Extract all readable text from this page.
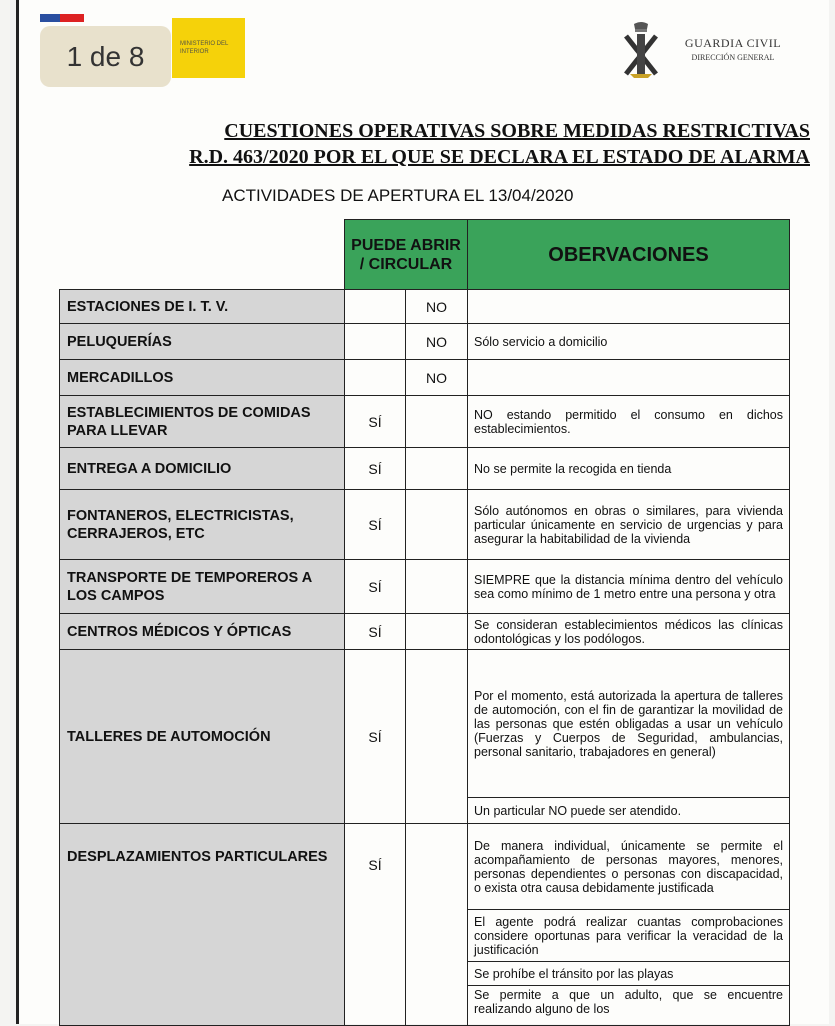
1 de 8	MINISTERIO DEL INTERIOR
GUARDIA CIVIL
DIRECCIÓN GENERAL
CUESTIONES OPERATIVAS SOBRE MEDIDAS RESTRICTIVAS
R.D. 463/2020 POR EL QUE SE DECLARA EL ESTADO DE ALARMA
ACTIVIDADES DE APERTURA EL 13/04/2020

	PUEDE ABRIR / CIRCULAR		OBERVACIONES
ESTACIONES DE I. T. V.		NO	
PELUQUERÍAS		NO	Sólo servicio a domicilio
MERCADILLOS		NO	
ESTABLECIMIENTOS DE COMIDAS PARA LLEVAR	SÍ		NO estando permitido el consumo en dichos establecimientos.
ENTREGA A DOMICILIO	SÍ		No se permite la recogida en tienda
FONTANEROS, ELECTRICISTAS, CERRAJEROS, ETC	SÍ		Sólo autónomos en obras o similares, para vivienda particular únicamente en servicio de urgencias y para asegurar la habitabilidad de la vivienda
TRANSPORTE DE TEMPOREROS A LOS CAMPOS	SÍ		SIEMPRE que la distancia mínima dentro del vehículo sea como mínimo de 1 metro entre una persona y otra
CENTROS MÉDICOS Y ÓPTICAS	SÍ		Se consideran establecimientos médicos las clínicas odontológicas y los podólogos.
TALLERES DE AUTOMOCIÓN	SÍ		Por el momento, está autorizada la apertura de talleres de automoción, con el fin de garantizar la movilidad de las personas que estén obligadas a usar un vehículo (Fuerzas y Cuerpos de Seguridad, ambulancias, personal sanitario, trabajadores en general)
			Un particular NO puede ser atendido.
DESPLAZAMIENTOS PARTICULARES	SÍ		De manera individual, únicamente se permite el acompañamiento de personas mayores, menores, personas dependientes o personas con discapacidad, o exista otra causa debidamente justificada
			El agente podrá realizar cuantas comprobaciones considere oportunas para verificar la veracidad de la justificación
			Se prohíbe el tránsito por las playas
			Se permite a que un adulto, que se encuentre realizando alguno de los
